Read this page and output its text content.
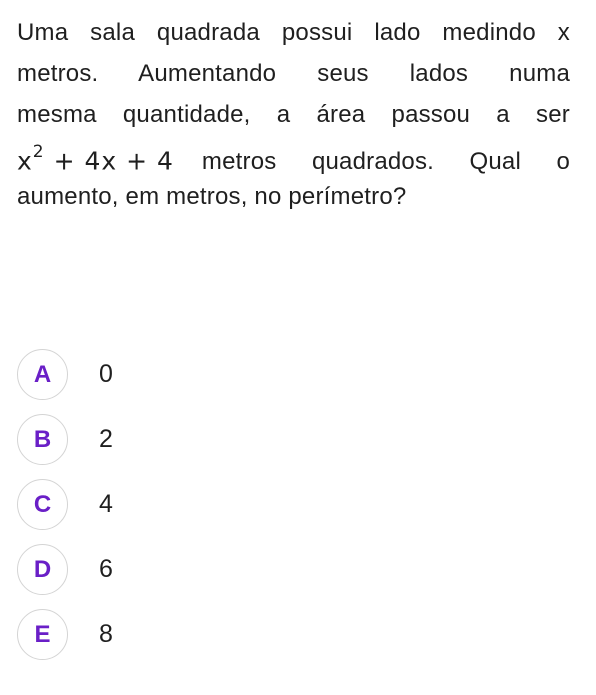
Uma sala quadrada possui lado medindo x
metros. Aumentando seus lados numa
mesma quantidade, a área passou a ser
$x^2 + 4x + 4$ metros quadrados. Qual o
aumento, em metros, no perímetro?
A	0
B	2
C	4
D	6
E	8
